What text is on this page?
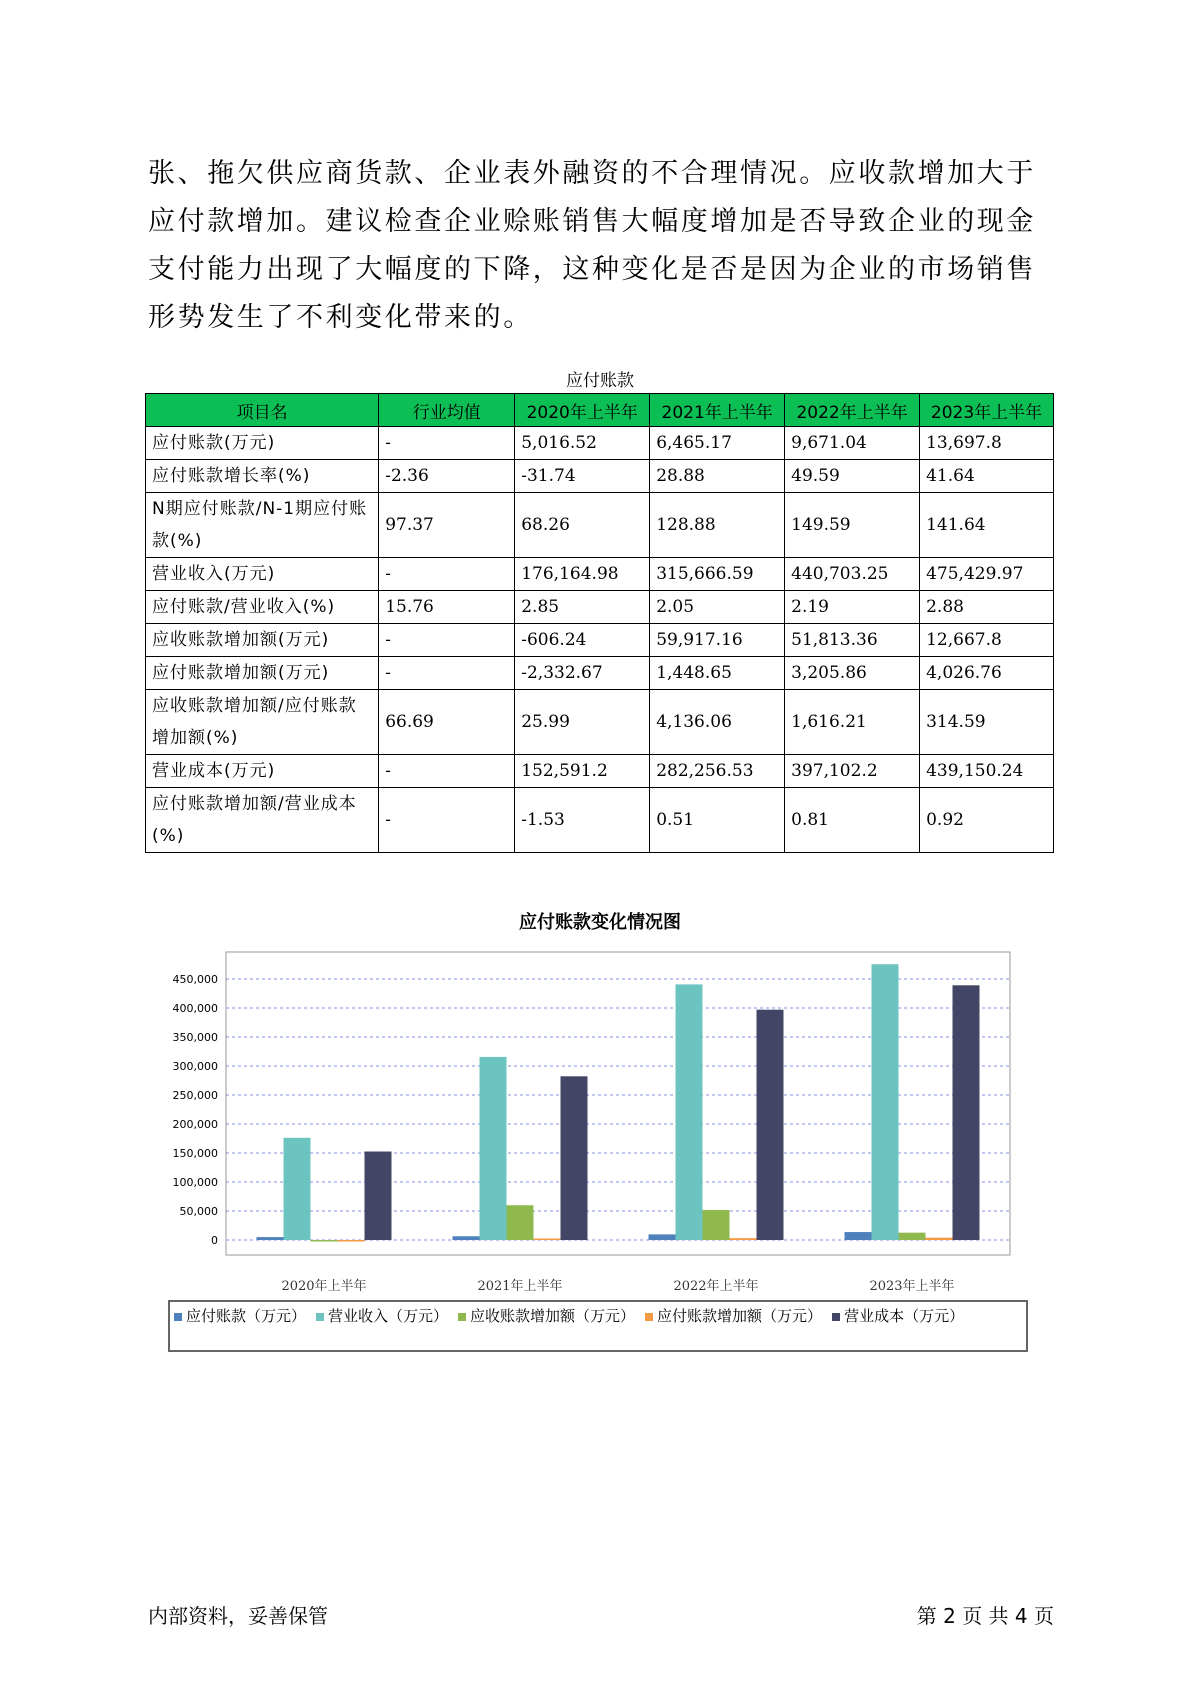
张、拖欠供应商货款、企业表外融资的不合理情况。应收款增加大于应付款增加。建议检查企业赊账销售大幅度增加是否导致企业的现金支付能力出现了大幅度的下降，这种变化是否是因为企业的市场销售形势发生了不利变化带来的。
应付账款
项目名	行业均值	2020年上半年	2021年上半年	2022年上半年	2023年上半年
应付账款(万元)	-	5,016.52	6,465.17	9,671.04	13,697.8
应付账款增长率(%)	-2.36	-31.74	28.88	49.59	41.64
N期应付账款/N-1期应付账款(%)	97.37	68.26	128.88	149.59	141.64
营业收入(万元)	-	176,164.98	315,666.59	440,703.25	475,429.97
应付账款/营业收入(%)	15.76	2.85	2.05	2.19	2.88
应收账款增加额(万元)	-	-606.24	59,917.16	51,813.36	12,667.8
应付账款增加额(万元)	-	-2,332.67	1,448.65	3,205.86	4,026.76
应收账款增加额/应付账款增加额(%)	66.69	25.99	4,136.06	1,616.21	314.59
营业成本(万元)	-	152,591.2	282,256.53	397,102.2	439,150.24
应付账款增加额/营业成本(%)	-	-1.53	0.51	0.81	0.92
应付账款变化情况图
0
50,000
100,000
150,000
200,000
250,000
300,000
350,000
400,000
450,000
2020年上半年	2021年上半年	2022年上半年	2023年上半年
应付账款（万元） 营业收入（万元） 应收账款增加额（万元） 应付账款增加额（万元） 营业成本（万元）
内部资料，妥善保管	第 2 页 共 4 页
